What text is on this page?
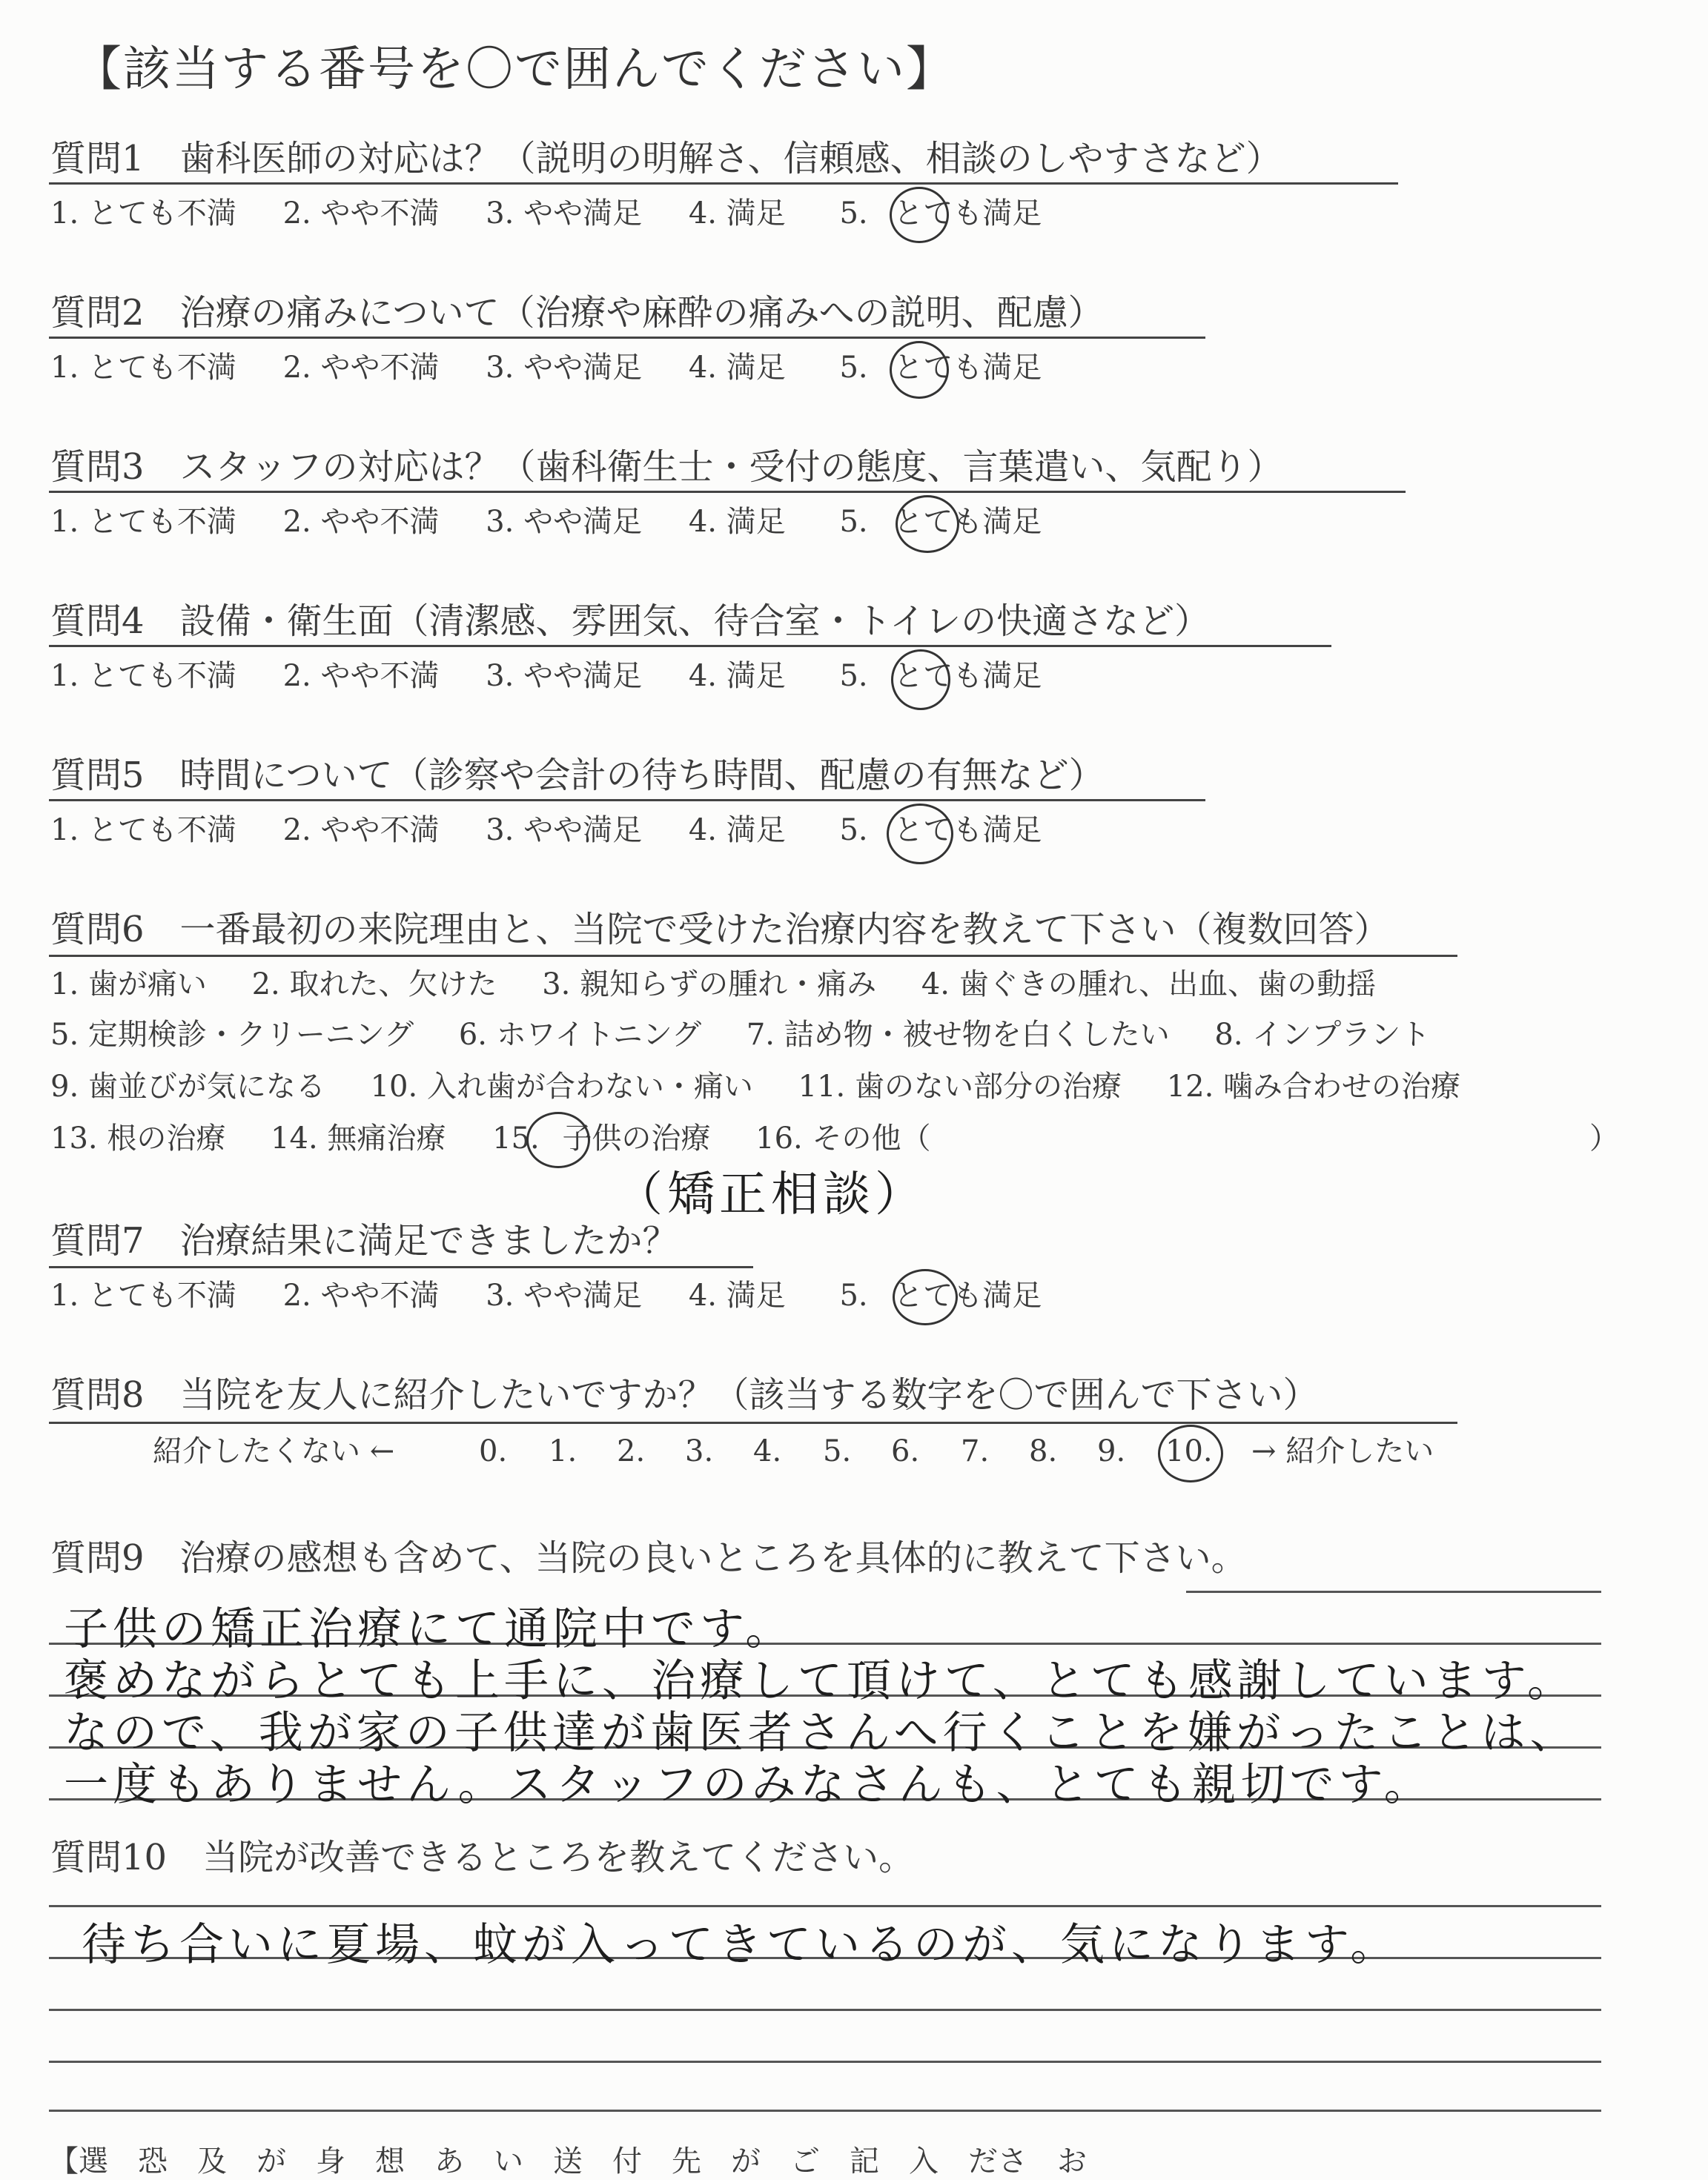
【該当する番号を〇で囲んでください】
質問1　歯科医師の対応は？（説明の明解さ、信頼感、相談のしやすさなど）
1. とても不満 2. やや不満 3. やや満足 4. 満足 5. とても満足
質問2　治療の痛みについて（治療や麻酔の痛みへの説明、配慮）
1. とても不満 2. やや不満 3. やや満足 4. 満足 5. とても満足
質問3　スタッフの対応は？（歯科衛生士・受付の態度、言葉遣い、気配り）
1. とても不満 2. やや不満 3. やや満足 4. 満足 5. とても満足
質問4　設備・衛生面（清潔感、雰囲気、待合室・トイレの快適さなど）
1. とても不満 2. やや不満 3. やや満足 4. 満足 5. とても満足
質問5　時間について（診察や会計の待ち時間、配慮の有無など）
1. とても不満 2. やや不満 3. やや満足 4. 満足 5. とても満足
質問6　一番最初の来院理由と、当院で受けた治療内容を教えて下さい（複数回答）
1. 歯が痛い 2. 取れた、欠けた 3. 親知らずの腫れ・痛み 4. 歯ぐきの腫れ、出血、歯の動揺
5. 定期検診・クリーニング 6. ホワイトニング 7. 詰め物・被せ物を白くしたい 8. インプラント
9. 歯並びが気になる 10. 入れ歯が合わない・痛い 11. 歯のない部分の治療 12. 噛み合わせの治療
13. 根の治療 14. 無痛治療 15. 子供の治療 16. その他（	）
（矯正相談）
質問7　治療結果に満足できましたか？
1. とても不満 2. やや不満 3. やや満足 4. 満足 5. とても満足
質問8　当院を友人に紹介したいですか？（該当する数字を〇で囲んで下さい）
紹介したくない ←	0. 1. 2. 3. 4. 5. 6. 7. 8. 9. 10. → 紹介したい
質問9　治療の感想も含めて、当院の良いところを具体的に教えて下さい。
子供の矯正治療にて通院中です。
褒めながらとても上手に、治療して頂けて、とても感謝しています。
なので、我が家の子供達が歯医者さんへ行くことを嫌がったことは、
一度もありません。スタッフのみなさんも、とても親切です。
質問10　当院が改善できるところを教えてください。
待ち合いに夏場、蚊が入ってきているのが、気になります。
【選　恐　及　が　身　想　あ　い　送　付　先　が　ご　記　入　ださ　お
